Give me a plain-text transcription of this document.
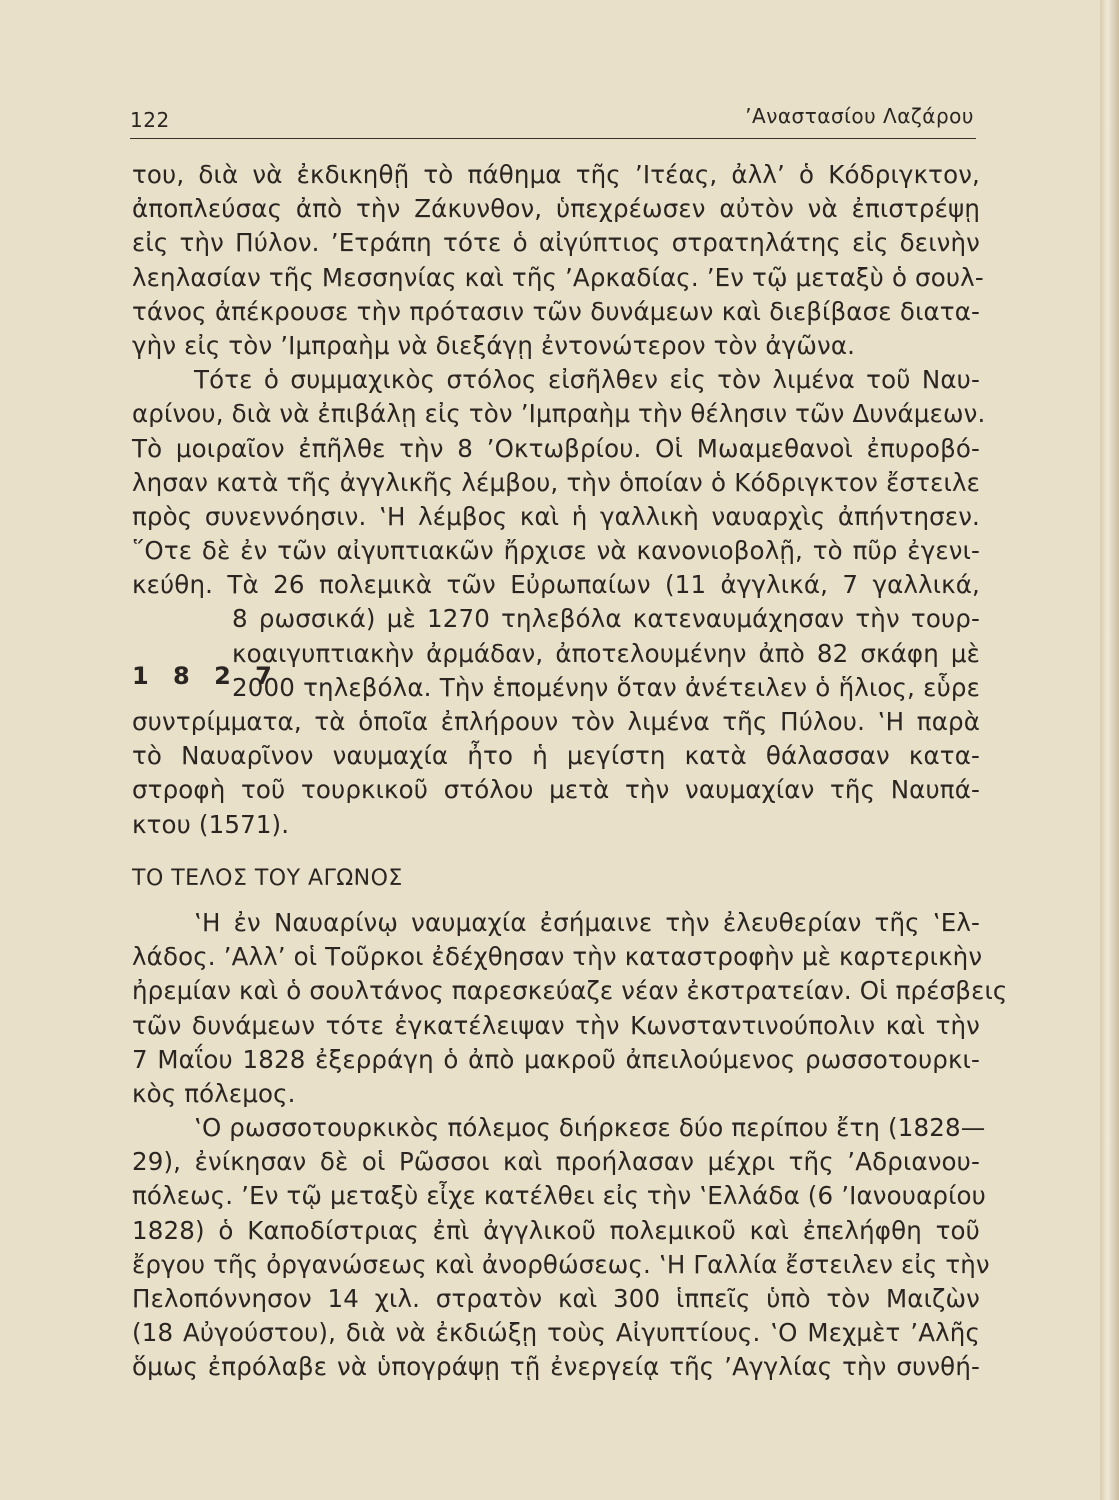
122	’Αναστασίου Λαζάρου
1 8 2 7
του, διὰ νὰ ἐκδικηθῇ τὸ πάθημα τῆς ’Ιτέας, ἀλλ’ ὁ Κόδριγκτον,
ἀποπλεύσας ἀπὸ τὴν Ζάκυνθον, ὑπεχρέωσεν αὐτὸν νὰ ἐπιστρέψῃ
εἰς τὴν Πύλον. ’Ετράπη τότε ὁ αἰγύπτιος στρατηλάτης εἰς δεινὴν
λεηλασίαν τῆς Μεσσηνίας καὶ τῆς ’Αρκαδίας. ’Εν τῷ μεταξὺ ὁ σουλ-
τάνος ἀπέκρουσε τὴν πρότασιν τῶν δυνάμεων καὶ διεβίβασε διατα-
γὴν εἰς τὸν ’Ιμπραὴμ νὰ διεξάγῃ ἐντονώτερον τὸν ἀγῶνα.
Τότε ὁ συμμαχικὸς στόλος εἰσῆλθεν εἰς τὸν λιμένα τοῦ Ναυ-
αρίνου, διὰ νὰ ἐπιβάλῃ εἰς τὸν ’Ιμπραὴμ τὴν θέλησιν τῶν Δυνάμεων.
Τὸ μοιραῖον ἐπῆλθε τὴν 8 ’Οκτωβρίου. Οἱ Μωαμεθανοὶ ἐπυροβό-
λησαν κατὰ τῆς ἀγγλικῆς λέμβου, τὴν ὁποίαν ὁ Κόδριγκτον ἔστειλε
πρὸς συνεννόησιν. ‛Η λέμβος καὶ ἡ γαλλικὴ ναυαρχὶς ἀπήντησεν.
῞Οτε δὲ ἐν τῶν αἰγυπτιακῶν ἤρχισε νὰ κανονιοβολῇ, τὸ πῦρ ἐγενι-
κεύθη. Τὰ 26 πολεμικὰ τῶν Εὐρωπαίων (11 ἀγγλικά, 7 γαλλικά,
8 ρωσσικά) μὲ 1270 τηλεβόλα κατεναυμάχησαν τὴν τουρ-
κοαιγυπτιακὴν ἀρμάδαν, ἀποτελουμένην ἀπὸ 82 σκάφη μὲ
2000 τηλεβόλα. Τὴν ἑπομένην ὅταν ἀνέτειλεν ὁ ἥλιος, εὗρε
συντρίμματα, τὰ ὁποῖα ἐπλήρουν τὸν λιμένα τῆς Πύλου. ‛Η παρὰ
τὸ Ναυαρῖνον ναυμαχία ἦτο ἡ μεγίστη κατὰ θάλασσαν κατα-
στροφὴ τοῦ τουρκικοῦ στόλου μετὰ τὴν ναυμαχίαν τῆς Ναυπά-
κτου (1571).
ΤΟ ΤΕΛΟΣ ΤΟΥ ΑΓΩΝΟΣ
‛Η ἐν Ναυαρίνῳ ναυμαχία ἐσήμαινε τὴν ἐλευθερίαν τῆς ‛Ελ-
λάδος. ’Αλλ’ οἱ Τοῦρκοι ἐδέχθησαν τὴν καταστροφὴν μὲ καρτερικὴν
ἠρεμίαν καὶ ὁ σουλτάνος παρεσκεύαζε νέαν ἐκστρατείαν. Οἱ πρέσβεις
τῶν δυνάμεων τότε ἐγκατέλειψαν τὴν Κωνσταντινούπολιν καὶ τὴν
7 Μαΐου 1828 ἐξερράγη ὁ ἀπὸ μακροῦ ἀπειλούμενος ρωσσοτουρκι-
κὸς πόλεμος.
‛Ο ρωσσοτουρκικὸς πόλεμος διήρκεσε δύο περίπου ἔτη (1828—
29), ἐνίκησαν δὲ οἱ Ρῶσσοι καὶ προήλασαν μέχρι τῆς ’Αδριανου-
πόλεως. ’Εν τῷ μεταξὺ εἶχε κατέλθει εἰς τὴν ‛Ελλάδα (6 ’Ιανουαρίου
1828) ὁ Καποδίστριας ἐπὶ ἀγγλικοῦ πολεμικοῦ καὶ ἐπελήφθη τοῦ
ἔργου τῆς ὀργανώσεως καὶ ἀνορθώσεως. ‛Η Γαλλία ἔστειλεν εἰς τὴν
Πελοπόννησον 14 χιλ. στρατὸν καὶ 300 ἱππεῖς ὑπὸ τὸν Μαιζὼν
(18 Αὐγούστου), διὰ νὰ ἐκδιώξῃ τοὺς Αἰγυπτίους. ‛Ο Μεχμὲτ ’Αλῆς
ὅμως ἐπρόλαβε νὰ ὑπογράψῃ τῇ ἐνεργείᾳ τῆς ’Αγγλίας τὴν συνθή-
